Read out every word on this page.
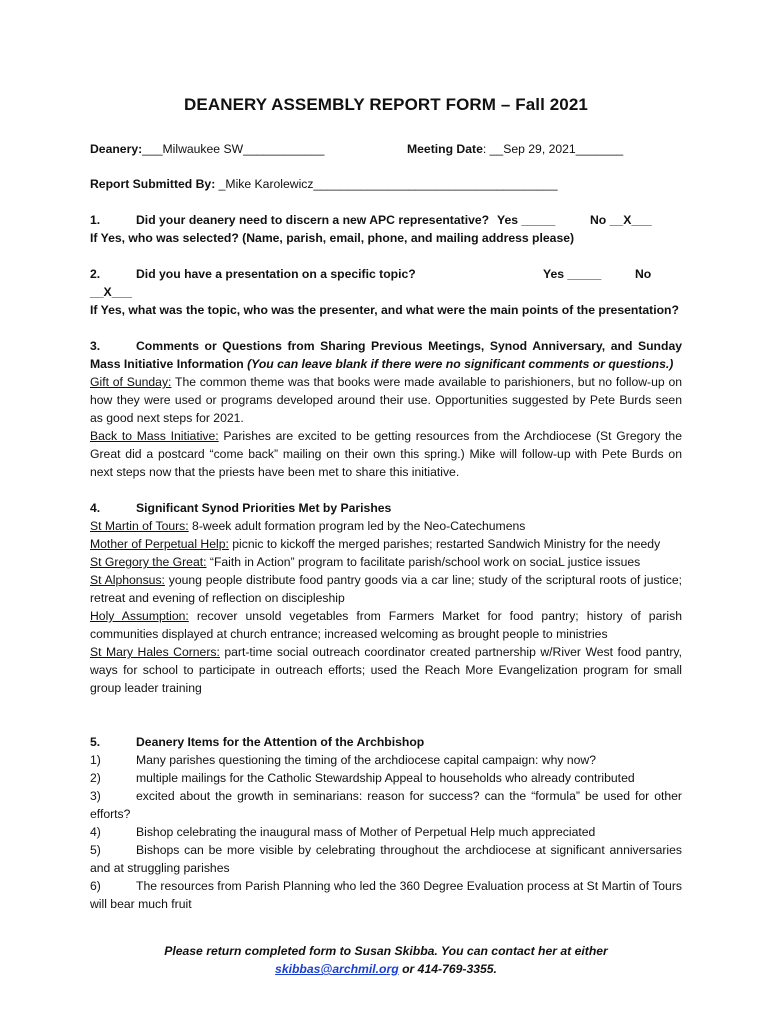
DEANERY ASSEMBLY REPORT FORM – Fall 2021
Deanery:___Milwaukee SW____________	Meeting Date: __Sep 29, 2021_______
Report Submitted By: _Mike Karolewicz____________________________________
1.	Did your deanery need to discern a new APC representative? Yes _____	No __X___
If Yes, who was selected? (Name, parish, email, phone, and mailing address please)
2.	Did you have a presentation on a specific topic?	Yes _____	No
__X___
If Yes, what was the topic, who was the presenter, and what were the main points of the presentation?

3.	Comments or Questions from Sharing Previous Meetings, Synod Anniversary, and Sunday Mass Initiative Information (You can leave blank if there were no significant comments or questions.)

Gift of Sunday: The common theme was that books were made available to parishioners, but no follow-up on how they were used or programs developed around their use. Opportunities suggested by Pete Burds seen as good next steps for 2021.

Back to Mass Initiative: Parishes are excited to be getting resources from the Archdiocese (St Gregory the Great did a postcard “come back” mailing on their own this spring.) Mike will follow-up with Pete Burds on next steps now that the priests have been met to share this initiative.

4.	Significant Synod Priorities Met by Parishes

St Martin of Tours: 8-week adult formation program led by the Neo-Catechumens

Mother of Perpetual Help: picnic to kickoff the merged parishes; restarted Sandwich Ministry for the needy

St Gregory the Great: “Faith in Action” program to facilitate parish/school work on sociaL justice issues

St Alphonsus: young people distribute food pantry goods via a car line; study of the scriptural roots of justice; retreat and evening of reflection on discipleship

Holy Assumption: recover unsold vegetables from Farmers Market for food pantry; history of parish communities displayed at church entrance; increased welcoming as brought people to ministries

St Mary Hales Corners: part-time social outreach coordinator created partnership w/River West food pantry, ways for school to participate in outreach efforts; used the Reach More Evangelization program for small group leader training

5.	Deanery Items for the Attention of the Archbishop

1)	Many parishes questioning the timing of the archdiocese capital campaign: why now?

2)	multiple mailings for the Catholic Stewardship Appeal to households who already contributed

3)	excited about the growth in seminarians: reason for success? can the “formula” be used for other efforts?

4)	Bishop celebrating the inaugural mass of Mother of Perpetual Help much appreciated

5)	Bishops can be more visible by celebrating throughout the archdiocese at significant anniversaries and at struggling parishes

6)	The resources from Parish Planning who led the 360 Degree Evaluation process at St Martin of Tours will bear much fruit

Please return completed form to Susan Skibba. You can contact her at either
skibbas@archmil.org or 414-769-3355.
